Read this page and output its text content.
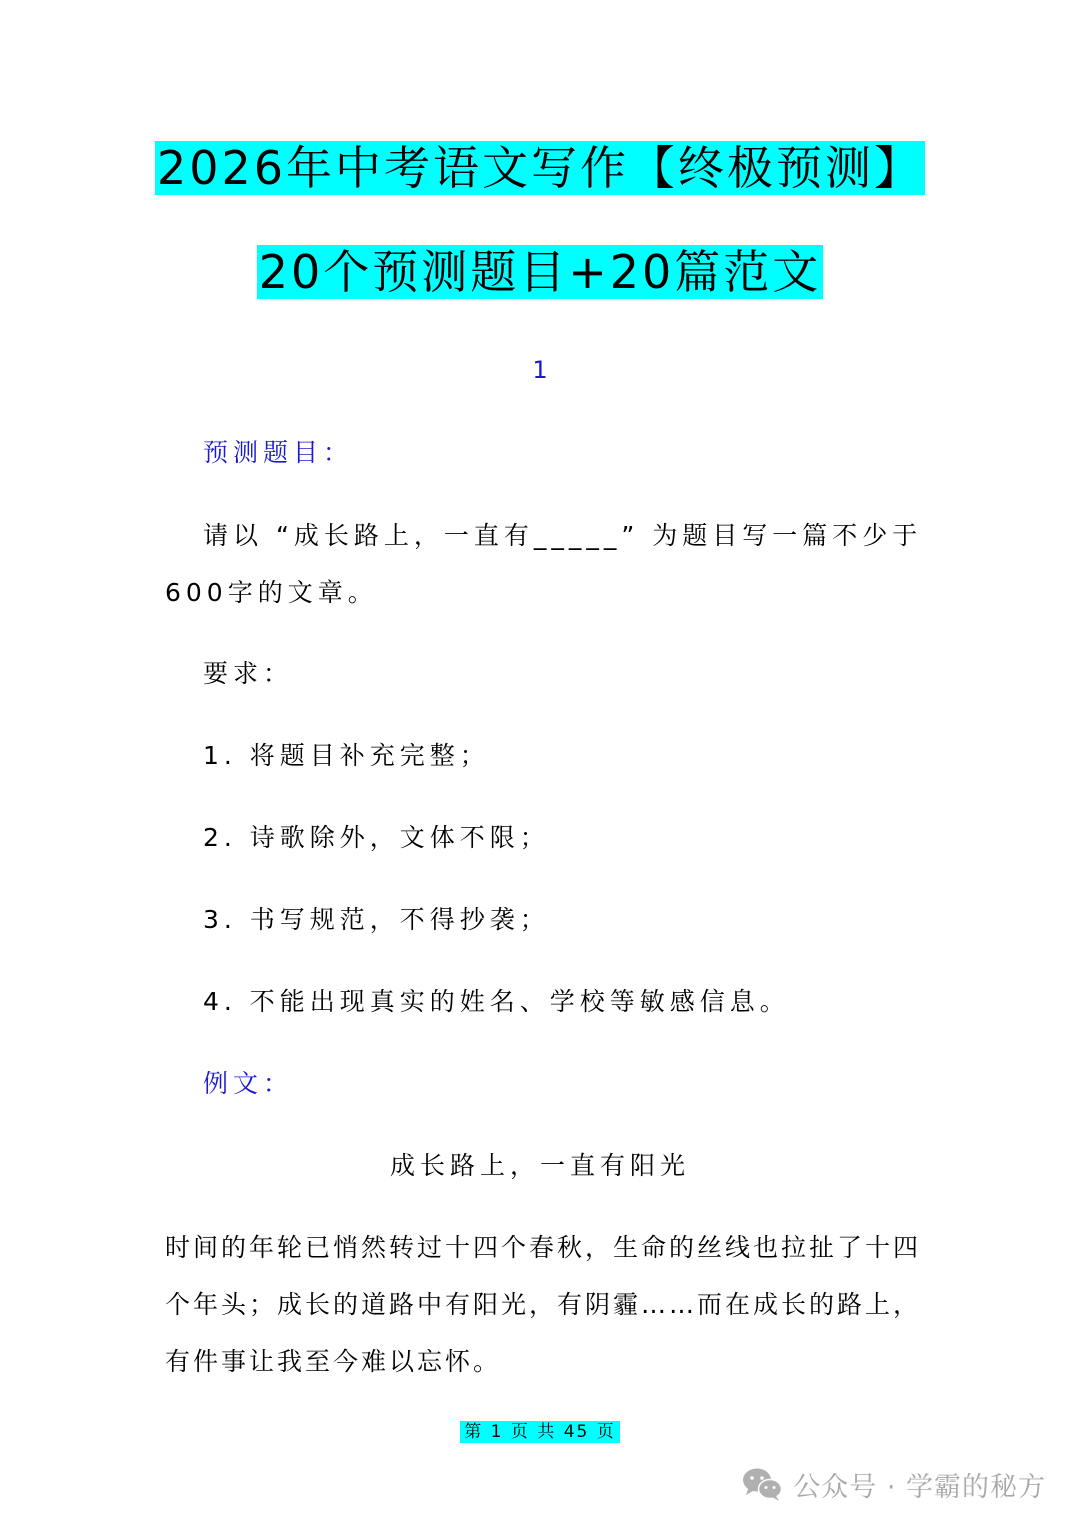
2026年中考语文写作【终极预测】
20个预测题目+20篇范文
1
预测题目：
请以 “成长路上，一直有_____” 为题目写一篇不少于
600字的文章。
要求：
1. 将题目补充完整；
2. 诗歌除外，文体不限；
3. 书写规范，不得抄袭；
4. 不能出现真实的姓名、学校等敏感信息。
例文：
成长路上，一直有阳光
时间的年轮已悄然转过十四个春秋，生命的丝线也拉扯了十四
个年头；成长的道路中有阳光，有阴霾……而在成长的路上，
有件事让我至今难以忘怀。
第 1 页 共 45 页
公众号 · 学霸的秘方
